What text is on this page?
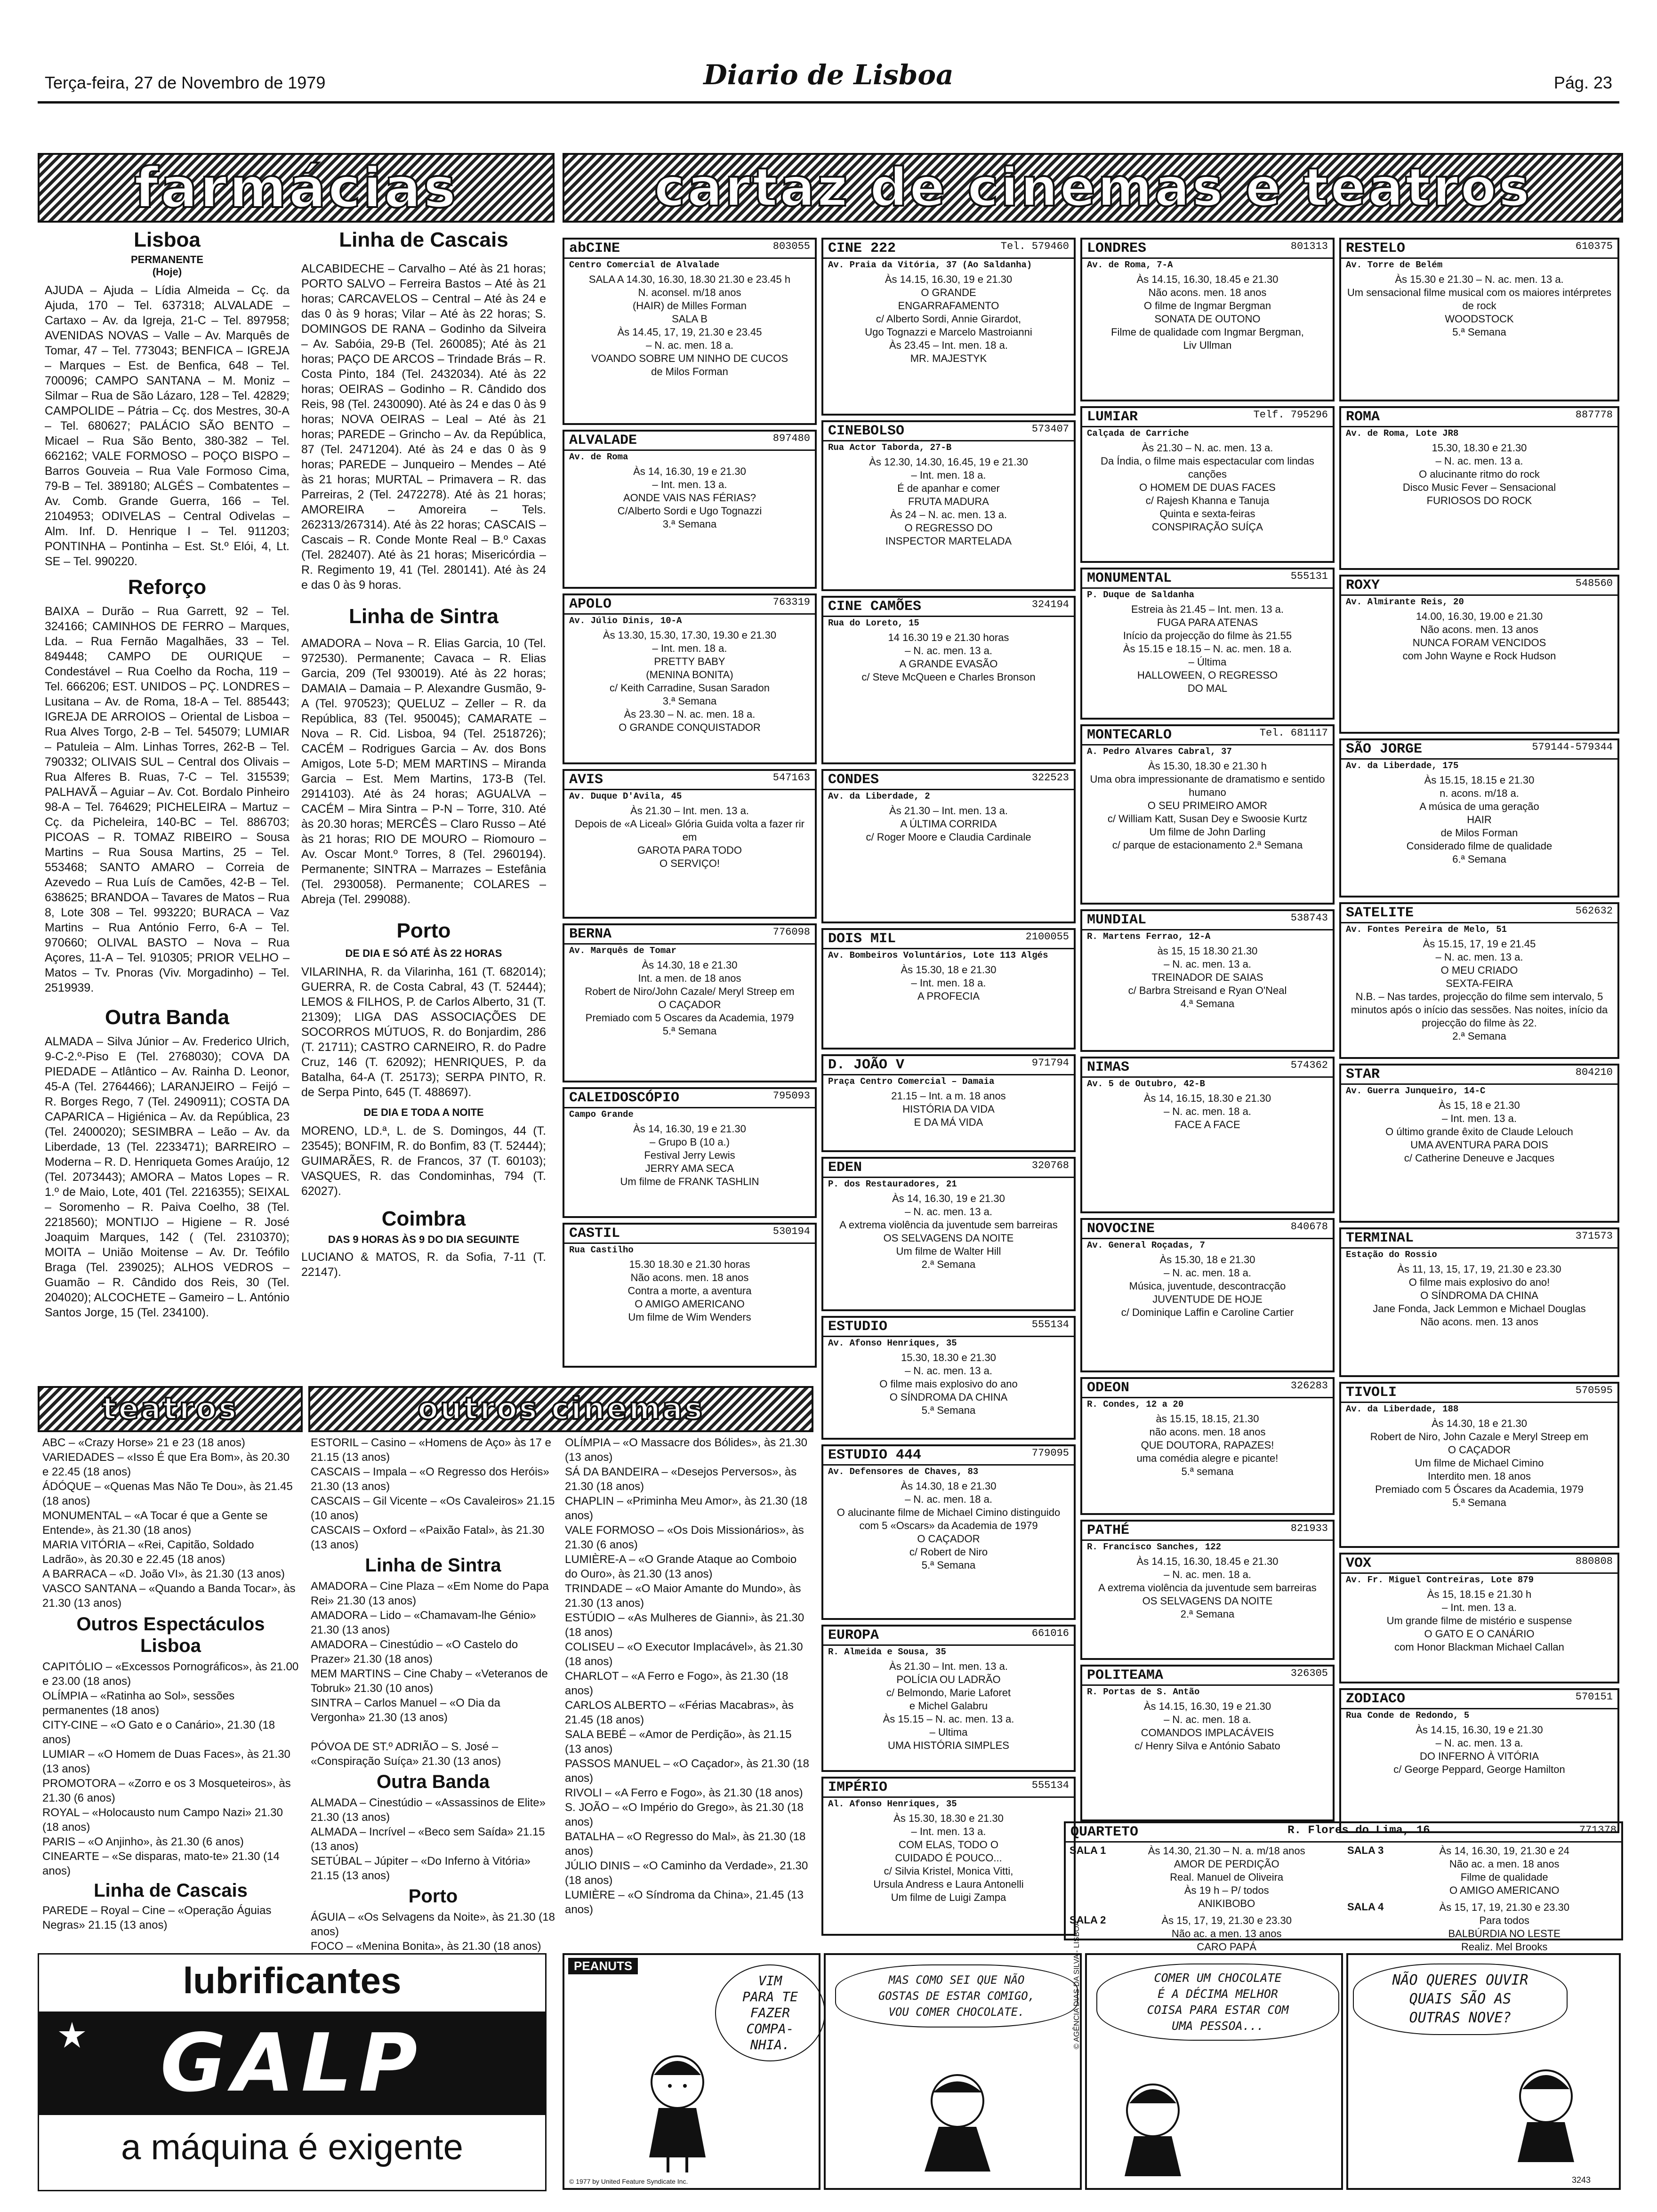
Terça-feira, 27 de Novembro de 1979	Diario de Lisboa	Pág. 23
farmácias
Lisboa
PERMANENTE
(Hoje)
AJUDA – Ajuda – Lídia Almeida – Cç. da Ajuda, 170 – Tel. 637318; ALVALADE – Cartaxo – Av. da Igreja, 21-C – Tel. 897958; AVENIDAS NOVAS – Valle – Av. Marquês de Tomar, 47 – Tel. 773043; BENFICA – IGREJA – Marques – Est. de Benfica, 648 – Tel. 700096; CAMPO SANTANA – M. Moniz – Silmar – Rua de São Lázaro, 128 – Tel. 42829; CAMPOLIDE – Pátria – Cç. dos Mestres, 30-A – Tel. 680627; PALÁCIO SÃO BENTO – Micael – Rua São Bento, 380-382 – Tel. 662162; VALE FORMOSO – POÇO BISPO – Barros Gouveia – Rua Vale Formoso Cima, 79-B – Tel. 389180; ALGÉS – Combatentes – Av. Comb. Grande Guerra, 166 – Tel. 2104953; ODIVELAS – Central Odivelas – Alm. Inf. D. Henrique I – Tel. 911203; PONTINHA – Pontinha – Est. St.º Elói, 4, Lt. SE – Tel. 990220.
Reforço
BAIXA – Durão – Rua Garrett, 92 – Tel. 324166; CAMINHOS DE FERRO – Marques, Lda. – Rua Fernão Magalhães, 33 – Tel. 849448; CAMPO DE OURIQUE – Condestável – Rua Coelho da Rocha, 119 – Tel. 666206; EST. UNIDOS – PÇ. LONDRES – Lusitana – Av. de Roma, 18-A – Tel. 885443; IGREJA DE ARROIOS – Oriental de Lisboa – Rua Alves Torgo, 2-B – Tel. 545079; LUMIAR – Patuleia – Alm. Linhas Torres, 262-B – Tel. 790332; OLIVAIS SUL – Central dos Olivais – Rua Alferes B. Ruas, 7-C – Tel. 315539; PALHAVÃ – Aguiar – Av. Cot. Bordalo Pinheiro 98-A – Tel. 764629; PICHELEIRA – Martuz – Cç. da Picheleira, 140-BC – Tel. 886703; PICOAS – R. TOMAZ RIBEIRO – Sousa Martins – Rua Sousa Martins, 25 – Tel. 553468; SANTO AMARO – Correia de Azevedo – Rua Luís de Camões, 42-B – Tel. 638625; BRANDOA – Tavares de Matos – Rua 8, Lote 308 – Tel. 993220; BURACA – Vaz Martins – Rua António Ferro, 6-A – Tel. 970660; OLIVAL BASTO – Nova – Rua Açores, 11-A – Tel. 910305; PRIOR VELHO – Matos – Tv. Pnoras (Viv. Morgadinho) – Tel. 2519939.
Outra Banda
ALMADA – Silva Júnior – Av. Frederico Ulrich, 9-C-2.º-Piso E (Tel. 2768030); COVA DA PIEDADE – Atlântico – Av. Rainha D. Leonor, 45-A (Tel. 2764466); LARANJEIRO – Feijó – R. Borges Rego, 7 (Tel. 2490911); COSTA DA CAPARICA – Higiénica – Av. da República, 23 (Tel. 2400020); SESIMBRA – Leão – Av. da Liberdade, 13 (Tel. 2233471); BARREIRO – Moderna – R. D. Henriqueta Gomes Araújo, 12 (Tel. 2073443); AMORA – Matos Lopes – R. 1.º de Maio, Lote, 401 (Tel. 2216355); SEIXAL – Soromenho – R. Paiva Coelho, 38 (Tel. 2218560); MONTIJO – Higiene – R. José Joaquim Marques, 142 ( (Tel. 2310370); MOITA – União Moitense – Av. Dr. Teófilo Braga (Tel. 239025); ALHOS VEDROS – Guamão – R. Cândido dos Reis, 30 (Tel. 204020); ALCOCHETE – Gameiro – L. António Santos Jorge, 15 (Tel. 234100).
Linha de Cascais
ALCABIDECHE – Carvalho – Até às 21 horas; PORTO SALVO – Ferreira Bastos – Até às 21 horas; CARCAVELOS – Central – Até às 24 e das 0 às 9 horas; Vilar – Até às 22 horas; S. DOMINGOS DE RANA – Godinho da Silveira – Av. Sabóia, 29-B (Tel. 260085); Até às 21 horas; PAÇO DE ARCOS – Trindade Brás – R. Costa Pinto, 184 (Tel. 2432034). Até às 22 horas; OEIRAS – Godinho – R. Cândido dos Reis, 98 (Tel. 2430090). Até às 24 e das 0 às 9 horas; NOVA OEIRAS – Leal – Até às 21 horas; PAREDE – Grincho – Av. da República, 87 (Tel. 2471204). Até às 24 e das 0 às 9 horas; PAREDE – Junqueiro – Mendes – Até às 21 horas; MURTAL – Primavera – R. das Parreiras, 2 (Tel. 2472278). Até às 21 horas; AMOREIRA – Amoreira – Tels. 262313/267314). Até às 22 horas; CASCAIS – Cascais – R. Conde Monte Real – B.º Caxas (Tel. 282407). Até às 21 horas; Misericórdia – R. Regimento 19, 41 (Tel. 280141). Até às 24 e das 0 às 9 horas.
Linha de Sintra
AMADORA – Nova – R. Elias Garcia, 10 (Tel. 972530). Permanente; Cavaca – R. Elias Garcia, 209 (Tel 930019). Até às 22 horas; DAMAIA – Damaia – P. Alexandre Gusmão, 9-A (Tel. 970523); QUELUZ – Zeller – R. da República, 83 (Tel. 950045); CAMARATE – Nova – R. Cid. Lisboa, 94 (Tel. 2518726); CACÉM – Rodrigues Garcia – Av. dos Bons Amigos, Lote 5-D; MEM MARTINS – Miranda Garcia – Est. Mem Martins, 173-B (Tel. 2914103). Até às 24 horas; AGUALVA – CACÉM – Mira Sintra – P-N – Torre, 310. Até às 20.30 horas; MERCÊS – Claro Russo – Até às 21 horas; RIO DE MOURO – Riomouro – Av. Oscar Mont.º Torres, 8 (Tel. 2960194). Permanente; SINTRA – Marrazes – Estefânia (Tel. 2930058). Permanente; COLARES – Abreja (Tel. 299088).
Porto
DE DIA E SÓ ATÉ ÀS 22 HORAS
VILARINHA, R. da Vilarinha, 161 (T. 682014); GUERRA, R. de Costa Cabral, 43 (T. 52444); LEMOS & FILHOS, P. de Carlos Alberto, 31 (T. 21309); LIGA DAS ASSOCIAÇÕES DE SOCORROS MÚTUOS, R. do Bonjardim, 286 (T. 21711); CASTRO CARNEIRO, R. do Padre Cruz, 146 (T. 62092); HENRIQUES, P. da Batalha, 64-A (T. 25173); SERPA PINTO, R. de Serpa Pinto, 645 (T. 488697).
DE DIA E TODA A NOITE
MORENO, LD.ª, L. de S. Domingos, 44 (T. 23545); BONFIM, R. do Bonfim, 83 (T. 52444); GUIMARÃES, R. de Francos, 37 (T. 60103); VASQUES, R. das Condominhas, 794 (T. 62027).
Coimbra
DAS 9 HORAS ÀS 9 DO DIA SEGUINTE
LUCIANO & MATOS, R. da Sofia, 7-11 (T. 22147).
cartaz de cinemas e teatros
abCINE	803055
Centro Comercial de Alvalade
SALA A 14.30, 16.30, 18.30 21.30 e 23.45 h
N. aconsel. m/18 anos
(HAIR) de Milles Forman
SALA B
Às 14.45, 17, 19, 21.30 e 23.45
– N. ac. men. 18 a.
VOANDO SOBRE UM NINHO DE CUCOS
de Milos Forman
ALVALADE	897480
Av. de Roma
Às 14, 16.30, 19 e 21.30
– Int. men. 13 a.
AONDE VAIS NAS FÉRIAS?
C/Alberto Sordi e Ugo Tognazzi
3.ª Semana
APOLO	763319
Av. Júlio Dinis, 10-A
Às 13.30, 15.30, 17.30, 19.30 e 21.30
– Int. men. 18 a.
PRETTY BABY
(MENINA BONITA)
c/ Keith Carradine, Susan Saradon
3.ª Semana
Às 23.30 – N. ac. men. 18 a.
O GRANDE CONQUISTADOR
AVIS	547163
Av. Duque D'Avila, 45
Às 21.30 – Int. men. 13 a.
Depois de «A Liceal» Glória Guida volta a fazer rir em
GAROTA PARA TODO
O SERVIÇO!
BERNA	776098
Av. Marquês de Tomar
Às 14.30, 18 e 21.30
Int. a men. de 18 anos
Robert de Niro/John Cazale/ Meryl Streep em
O CAÇADOR
Premiado com 5 Oscares da Academia, 1979
5.ª Semana
CALEIDOSCÓPIO	795093
Campo Grande
Às 14, 16.30, 19 e 21.30
– Grupo B (10 a.)
Festival Jerry Lewis
JERRY AMA SECA
Um filme de FRANK TASHLIN
CASTIL	530194
Rua Castilho
15.30 18.30 e 21.30 horas
Não acons. men. 18 anos
Contra a morte, a aventura
O AMIGO AMERICANO
Um filme de Wim Wenders
CINE 222	Tel. 579460
Av. Praia da Vitória, 37 (Ao Saldanha)
Às 14.15, 16.30, 19 e 21.30
O GRANDE
ENGARRAFAMENTO
c/ Alberto Sordi, Annie Girardot,
Ugo Tognazzi e Marcelo Mastroianni
Às 23.45 – Int. men. 18 a.
MR. MAJESTYK
CINEBOLSO	573407
Rua Actor Taborda, 27-B
Às 12.30, 14.30, 16.45, 19 e 21.30
– Int. men. 18 a.
É de apanhar e comer
FRUTA MADURA
Às 24 – N. ac. men. 13 a.
O REGRESSO DO
INSPECTOR MARTELADA
CINE CAMÕES	324194
Rua do Loreto, 15
14 16.30 19 e 21.30 horas
– N. ac. men. 13 a.
A GRANDE EVASÃO
c/ Steve McQueen e Charles Bronson
CONDES	322523
Av. da Liberdade, 2
Às 21.30 – Int. men. 13 a.
A ÚLTIMA CORRIDA
c/ Roger Moore e Claudia Cardinale
DOIS MIL	2100055
Av. Bombeiros Voluntários, Lote 113 Algés
Às 15.30, 18 e 21.30
– Int. men. 18 a.
A PROFECIA
D. JOÃO V	971794
Praça Centro Comercial – Damaia
21.15 – Int. a m. 18 anos
HISTÓRIA DA VIDA
E DA MÁ VIDA
EDEN	320768
P. dos Restauradores, 21
Às 14, 16.30, 19 e 21.30
– N. ac. men. 13 a.
A extrema violência da juventude sem barreiras
OS SELVAGENS DA NOITE
Um filme de Walter Hill
2.ª Semana
ESTUDIO	555134
Av. Afonso Henriques, 35
15.30, 18.30 e 21.30
– N. ac. men. 13 a.
O filme mais explosivo do ano
O SÍNDROMA DA CHINA
5.ª Semana
ESTUDIO 444	779095
Av. Defensores de Chaves, 83
Às 14.30, 18 e 21.30
– N. ac. men. 18 a.
O alucinante filme de Michael Cimino distinguido com 5 «Oscars» da Academia de 1979
O CAÇADOR
c/ Robert de Niro
5.ª Semana
EUROPA	661016
R. Almeida e Sousa, 35
Às 21.30 – Int. men. 13 a.
POLÍCIA OU LADRÃO
c/ Belmondo, Marie Laforet
e Michel Galabru
Às 15.15 – N. ac. men. 13 a.
– Ultima
UMA HISTÓRIA SIMPLES
IMPÉRIO	555134
Al. Afonso Henriques, 35
Às 15.30, 18.30 e 21.30
– Int. men. 13 a.
COM ELAS, TODO O
CUIDADO É POUCO...
c/ Silvia Kristel, Monica Vitti,
Ursula Andress e Laura Antonelli
Um filme de Luigi Zampa
LONDRES	801313
Av. de Roma, 7-A
Às 14.15, 16.30, 18.45 e 21.30
Não acons. men. 18 anos
O filme de Ingmar Bergman
SONATA DE OUTONO
Filme de qualidade com Ingmar Bergman,
Liv Ullman
LUMIAR	Telf. 795296
Calçada de Carriche
Às 21.30 – N. ac. men. 13 a.
Da Índia, o filme mais espectacular com lindas canções
O HOMEM DE DUAS FACES
c/ Rajesh Khanna e Tanuja
Quinta e sexta-feiras
CONSPIRAÇÃO SUÍÇA
MONUMENTAL	555131
P. Duque de Saldanha
Estreia às 21.45 – Int. men. 13 a.
FUGA PARA ATENAS
Início da projecção do filme às 21.55
Às 15.15 e 18.15 – N. ac. men. 18 a.
– Última
HALLOWEEN, O REGRESSO
DO MAL
MONTECARLO	Tel. 681117
A. Pedro Alvares Cabral, 37
Às 15.30, 18.30 e 21.30 h
Uma obra impressionante de dramatismo e sentido humano
O SEU PRIMEIRO AMOR
c/ William Katt, Susan Dey e Swoosie Kurtz
Um filme de John Darling
c/ parque de estacionamento 2.ª Semana
MUNDIAL	538743
R. Martens Ferrao, 12-A
às 15, 15 18.30 21.30
– N. ac. men. 13 a.
TREINADOR DE SAIAS
c/ Barbra Streisand e Ryan O'Neal
4.ª Semana
NIMAS	574362
Av. 5 de Outubro, 42-B
Às 14, 16.15, 18.30 e 21.30
– N. ac. men. 18 a.
FACE A FACE
NOVOCINE	840678
Av. General Roçadas, 7
Às 15.30, 18 e 21.30
– N. ac. men. 18 a.
Música, juventude, descontracção
JUVENTUDE DE HOJE
c/ Dominique Laffin e Caroline Cartier
ODEON	326283
R. Condes, 12 a 20
às 15.15, 18.15, 21.30
não acons. men. 18 anos
QUE DOUTORA, RAPAZES!
uma comédia alegre e picante!
5.ª semana
PATHÉ	821933
R. Francisco Sanches, 122
Às 14.15, 16.30, 18.45 e 21.30
– N. ac. men. 18 a.
A extrema violência da juventude sem barreiras
OS SELVAGENS DA NOITE
2.ª Semana
POLITEAMA	326305
R. Portas de S. Antão
Às 14.15, 16.30, 19 e 21.30
– N. ac. men. 18 a.
COMANDOS IMPLACÁVEIS
c/ Henry Silva e António Sabato
RESTELO	610375
Av. Torre de Belém
Às 15.30 e 21.30 – N. ac. men. 13 a.
Um sensacional filme musical com os maiores intérpretes de rock
WOODSTOCK
5.ª Semana
ROMA	887778
Av. de Roma, Lote JR8
15.30, 18.30 e 21.30
– N. ac. men. 13 a.
O alucinante ritmo do rock
Disco Music Fever – Sensacional
FURIOSOS DO ROCK
ROXY	548560
Av. Almirante Reis, 20
14.00, 16.30, 19.00 e 21.30
Não acons. men. 13 anos
NUNCA FORAM VENCIDOS
com John Wayne e Rock Hudson
SÃO JORGE	579144-579344
Av. da Liberdade, 175
Às 15.15, 18.15 e 21.30
n. acons. m/18 a.
A música de uma geração
HAIR
de Milos Forman
Considerado filme de qualidade
6.ª Semana
SATELITE	562632
Av. Fontes Pereira de Melo, 51
Às 15.15, 17, 19 e 21.45
– N. ac. men. 13 a.
O MEU CRIADO
SEXTA-FEIRA
N.B. – Nas tardes, projecção do filme sem intervalo, 5 minutos após o início das sessões. Nas noites, início da projecção do filme às 22.
2.ª Semana
STAR	804210
Av. Guerra Junqueiro, 14-C
Às 15, 18 e 21.30
– Int. men. 13 a.
O último grande êxito de Claude Lelouch
UMA AVENTURA PARA DOIS
c/ Catherine Deneuve e Jacques
TERMINAL	371573
Estação do Rossio
Às 11, 13, 15, 17, 19, 21.30 e 23.30
O filme mais explosivo do ano!
O SÍNDROMA DA CHINA
Jane Fonda, Jack Lemmon e Michael Douglas
Não acons. men. 13 anos
TIVOLI	570595
Av. da Liberdade, 188
Às 14.30, 18 e 21.30
Robert de Niro, John Cazale e Meryl Streep em
O CAÇADOR
Um filme de Michael Cimino
Interdito men. 18 anos
Premiado com 5 Óscares da Academia, 1979
5.ª Semana
VOX	880808
Av. Fr. Miguel Contreiras, Lote 879
Às 15, 18.15 e 21.30 h
– Int. men. 13 a.
Um grande filme de mistério e suspense
O GATO E O CANÁRIO
com Honor Blackman Michael Callan
ZODIACO	570151
Rua Conde de Redondo, 5
Às 14.15, 16.30, 19 e 21.30
– N. ac. men. 13 a.
DO INFERNO À VITÓRIA
c/ George Peppard, George Hamilton
QUARTETO	R. Flores do Lima, 16	771378
SALA 1	Às 14.30, 21.30 – N. a. m/18 anos
AMOR DE PERDIÇÃO
Real. Manuel de Oliveira
Às 19 h – P/ todos
ANIKIBOBO
SALA 2	Às 15, 17, 19, 21.30 e 23.30
Não ac. a men. 13 anos
CARO PAPÁ
SALA 3	Às 14, 16.30, 19, 21.30 e 24
Não ac. a men. 18 anos
Filme de qualidade
O AMIGO AMERICANO
SALA 4	Às 15, 17, 19, 21.30 e 23.30
Para todos
BALBÚRDIA NO LESTE
Realiz. Mel Brooks
teatros
ABC – «Crazy Horse» 21 e 23 (18 anos)
VARIEDADES – «Isso É que Era Bom», às 20.30 e 22.45 (18 anos)
ÁDÓQUE – «Quenas Mas Não Te Dou», às 21.45 (18 anos)
MONUMENTAL – «A Tocar é que a Gente se Entende», às 21.30 (18 anos)
MARIA VITÓRIA – «Rei, Capitão, Soldado Ladrão», às 20.30 e 22.45 (18 anos)
A BARRACA – «D. João VI», às 21.30 (13 anos)
VASCO SANTANA – «Quando a Banda Tocar», às 21.30 (13 anos)
Outros Espectáculos
Lisboa
CAPITÓLIO – «Excessos Pornográficos», às 21.00 e 23.00 (18 anos)
OLÍMPIA – «Ratinha ao Sol», sessões permanentes (18 anos)
CITY-CINE – «O Gato e o Canário», 21.30 (18 anos)
LUMIAR – «O Homem de Duas Faces», às 21.30 (13 anos)
PROMOTORA – «Zorro e os 3 Mosqueteiros», às 21.30 (6 anos)
ROYAL – «Holocausto num Campo Nazi» 21.30 (18 anos)
PARIS – «O Anjinho», às 21.30 (6 anos)
CINEARTE – «Se disparas, mato-te» 21.30 (14 anos)
Linha de Cascais
PAREDE – Royal – Cine – «Operação Águias Negras» 21.15 (13 anos)
outros cinemas
ESTORIL – Casino – «Homens de Aço» às 17 e 21.15 (13 anos)
CASCAIS – Impala – «O Regresso dos Heróis» 21.30 (13 anos)
CASCAIS – Gil Vicente – «Os Cavaleiros» 21.15 (10 anos)
CASCAIS – Oxford – «Paixão Fatal», às 21.30 (13 anos)
Linha de Sintra
AMADORA – Cine Plaza – «Em Nome do Papa Rei» 21.30 (13 anos)
AMADORA – Lido – «Chamavam-lhe Génio» 21.30 (13 anos)
AMADORA – Cinestúdio – «O Castelo do Prazer» 21.30 (18 anos)
MEM MARTINS – Cine Chaby – «Veteranos de Tobruk» 21.30 (10 anos)
SINTRA – Carlos Manuel – «O Dia da Vergonha» 21.30 (13 anos)

PÓVOA DE ST.º ADRIÃO – S. José – «Conspiração Suíça» 21.30 (13 anos)
Outra Banda
ALMADA – Cinestúdio – «Assassinos de Elite» 21.30 (13 anos)
ALMADA – Incrível – «Beco sem Saída» 21.15 (13 anos)
SETÚBAL – Júpiter – «Do Inferno à Vitória» 21.15 (13 anos)
Porto
ÁGUIA – «Os Selvagens da Noite», às 21.30 (18 anos)
FOCO – «Menina Bonita», às 21.30 (18 anos)
OLÍMPIA – «O Massacre dos Bólides», às 21.30 (13 anos)
SÁ DA BANDEIRA – «Desejos Perversos», às 21.30 (18 anos)
CHAPLIN – «Priminha Meu Amor», às 21.30 (18 anos)
VALE FORMOSO – «Os Dois Missionários», às 21.30 (6 anos)
LUMIÈRE-A – «O Grande Ataque ao Comboio do Ouro», às 21.30 (13 anos)
TRINDADE – «O Maior Amante do Mundo», às 21.30 (13 anos)
ESTÚDIO – «As Mulheres de Gianni», às 21.30 (18 anos)
COLISEU – «O Executor Implacável», às 21.30 (18 anos)
CHARLOT – «A Ferro e Fogo», às 21.30 (18 anos)
CARLOS ALBERTO – «Férias Macabras», às 21.45 (18 anos)
SALA BEBÉ – «Amor de Perdição», às 21.15 (13 anos)
PASSOS MANUEL – «O Caçador», às 21.30 (18 anos)
RIVOLI – «A Ferro e Fogo», às 21.30 (18 anos)
S. JOÃO – «O Império do Grego», às 21.30 (18 anos)
BATALHA – «O Regresso do Mal», às 21.30 (18 anos)
JÚLIO DINIS – «O Caminho da Verdade», 21.30 (18 anos)
LUMIÈRE – «O Síndroma da China», 21.45 (13 anos)
lubrificantes
GALP
a máquina é exigente
PEANUTS
VIM
PARA TE
FAZER
COMPA-
NHIA.
© 1977 by United Feature Syndicate Inc.
MAS COMO SEI QUE NÃO
GOSTAS DE ESTAR COMIGO,
VOU COMER CHOCOLATE.
COMER UM CHOCOLATE
É A DÉCIMA MELHOR
COISA PARA ESTAR COM
UMA PESSOA...
© AGÊNCIA DIAS DA SILVA - LISBOA	NÃO QUERES OUVIR
QUAIS SÃO AS
OUTRAS NOVE?
3243
